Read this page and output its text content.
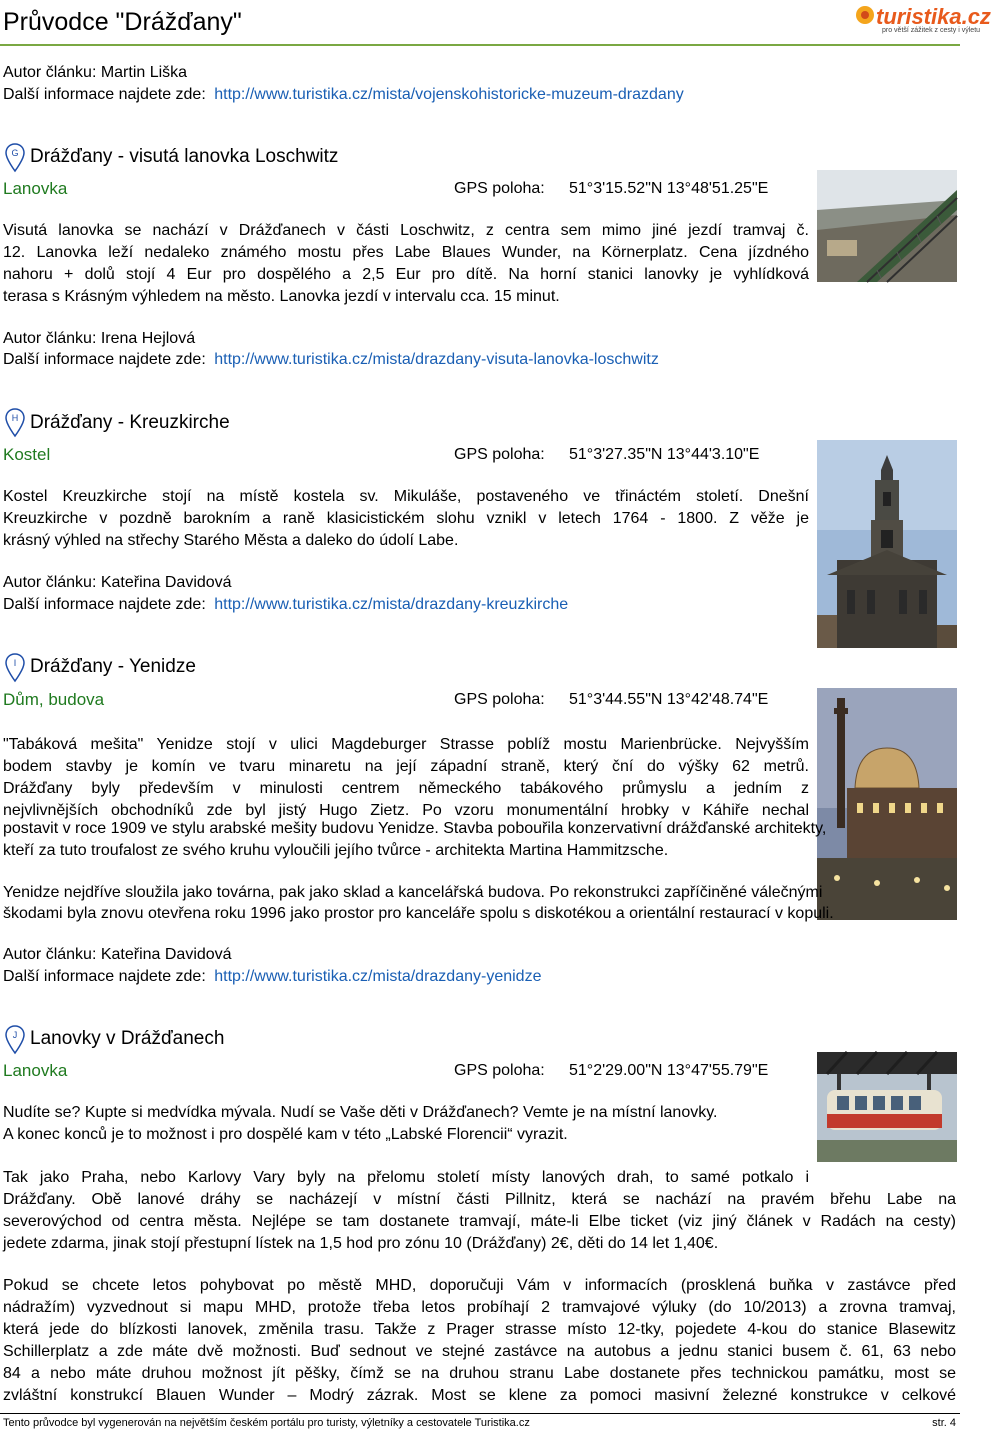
Průvodce "Drážďany"	turistika.cz
pro větší zážitek z cesty i výletu
Autor článku: Martin Liška
Další informace najdete zde: http://www.turistika.cz/mista/vojenskohistoricke-muzeum-drazdany
G Drážďany - visutá lanovka Loschwitz
Lanovka	GPS poloha: 51°3'15.52"N 13°48'51.25"E
Visutá lanovka se nachází v Drážďanech v části Loschwitz, z centra sem mimo jiné jezdí tramvaj č.
12. Lanovka leží nedaleko známého mostu přes Labe Blaues Wunder, na Körnerplatz. Cena jízdného
nahoru + dolů stojí 4 Eur pro dospělého a 2,5 Eur pro dítě. Na horní stanici lanovky je vyhlídková
terasa s Krásným výhledem na město. Lanovka jezdí v intervalu cca. 15 minut.
Autor článku: Irena Hejlová
Další informace najdete zde: http://www.turistika.cz/mista/drazdany-visuta-lanovka-loschwitz
H Drážďany - Kreuzkirche
Kostel	GPS poloha: 51°3'27.35"N 13°44'3.10"E
Kostel Kreuzkirche stojí na místě kostela sv. Mikuláše, postaveného ve třináctém století. Dnešní
Kreuzkirche v pozdně barokním a raně klasicistickém slohu vznikl v letech 1764 - 1800. Z věže je
krásný výhled na střechy Starého Města a daleko do údolí Labe.
Autor článku: Kateřina Davidová
Další informace najdete zde: http://www.turistika.cz/mista/drazdany-kreuzkirche
I Drážďany - Yenidze
Dům, budova	GPS poloha: 51°3'44.55"N 13°42'48.74"E
"Tabáková mešita" Yenidze stojí v ulici Magdeburger Strasse poblíž mostu Marienbrücke. Nejvyšším
bodem stavby je komín ve tvaru minaretu na její západní straně, který ční do výšky 62 metrů.
Drážďany byly především v minulosti centrem německého tabákového průmyslu a jedním z
nejvlivnějších obchodníků zde byl jistý Hugo Zietz. Po vzoru monumentální hrobky v Káhiře nechal
postavit v roce 1909 ve stylu arabské mešity budovu Yenidze. Stavba pobouřila konzervativní drážďanské architekty,
kteří za tuto troufalost ze svého kruhu vyloučili jejího tvůrce - architekta Martina Hammitzsche.
Yenidze nejdříve sloužila jako továrna, pak jako sklad a kancelářská budova. Po rekonstrukci zapříčiněné válečnými
škodami byla znovu otevřena roku 1996 jako prostor pro kanceláře spolu s diskotékou a orientální restaurací v kopuli.
Autor článku: Kateřina Davidová
Další informace najdete zde: http://www.turistika.cz/mista/drazdany-yenidze
J Lanovky v Drážďanech
Lanovka	GPS poloha: 51°2'29.00"N 13°47'55.79"E
Nudíte se? Kupte si medvídka mývala. Nudí se Vaše děti v Drážďanech? Vemte je na místní lanovky.
A konec konců je to možnost i pro dospělé kam v této „Labské Florencii“ vyrazit.
Tak jako Praha, nebo Karlovy Vary byly na přelomu století místy lanových drah, to samé potkalo i
Drážďany. Obě lanové dráhy se nacházejí v místní části Pillnitz, která se nachází na pravém břehu Labe na
severovýchod od centra města. Nejlépe se tam dostanete tramvají, máte-li Elbe ticket (viz jiný článek v Radách na cesty)
jedete zdarma, jinak stojí přestupní lístek na 1,5 hod pro zónu 10 (Drážďany) 2€, děti do 14 let 1,40€.
Pokud se chcete letos pohybovat po městě MHD, doporučuji Vám v informacích (prosklená buňka v zastávce před
nádražím) vyzvednout si mapu MHD, protože třeba letos probíhají 2 tramvajové výluky (do 10/2013) a zrovna tramvaj,
která jede do blízkosti lanovek, změnila trasu. Takže z Prager strasse místo 12-tky, pojedete 4-kou do stanice Blasewitz
Schillerplatz a zde máte dvě možnosti. Buď sednout ve stejné zastávce na autobus a jednu stanici busem č. 61, 63 nebo
84 a nebo máte druhou možnost jít pěšky, čímž se na druhou stranu Labe dostanete přes technickou památku, most se
zvláštní konstrukcí Blauen Wunder – Modrý zázrak. Most se klene za pomoci masivní železné konstrukce v celkové
Tento průvodce byl vygenerován na největším českém portálu pro turisty, výletníky a cestovatele Turistika.cz	str. 4
